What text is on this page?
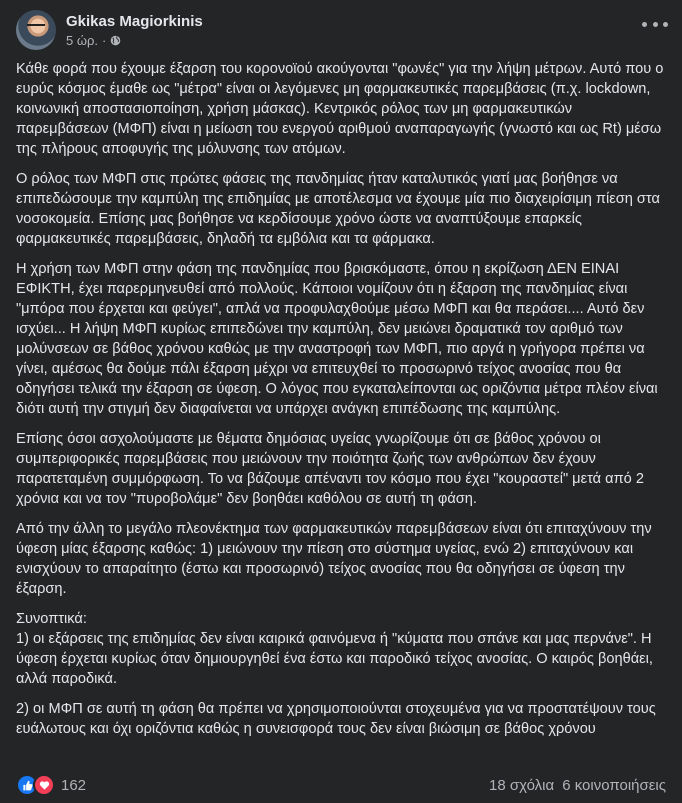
Gkikas Magiorkinis
5 ώρ. ·

Κάθε φορά που έχουμε έξαρση του κορονοϊού ακούγονται "φωνές" για την λήψη μέτρων. Αυτό που ο ευρύς κόσμος έμαθε ως "μέτρα" είναι οι λεγόμενες μη φαρμακευτικές παρεμβάσεις (π.χ. lockdown, κοινωνική αποστασιοποίηση, χρήση μάσκας). Κεντρικός ρόλος των μη φαρμακευτικών παρεμβάσεων (ΜΦΠ) είναι η μείωση του ενεργού αριθμού αναπαραγωγής (γνωστό και ως Rt) μέσω της πλήρους αποφυγής της μόλυνσης των ατόμων.

Ο ρόλος των ΜΦΠ στις πρώτες φάσεις της πανδημίας ήταν καταλυτικός γιατί μας βοήθησε να επιπεδώσουμε την καμπύλη της επιδημίας με αποτέλεσμα να έχουμε μία πιο διαχειρίσιμη πίεση στα νοσοκομεία. Επίσης μας βοήθησε να κερδίσουμε χρόνο ώστε να αναπτύξουμε επαρκείς φαρμακευτικές παρεμβάσεις, δηλαδή τα εμβόλια και τα φάρμακα.

Η χρήση των ΜΦΠ στην φάση της πανδημίας που βρισκόμαστε, όπου η εκρίζωση ΔΕΝ ΕΙΝΑΙ ΕΦΙΚΤΗ, έχει παρερμηνευθεί από πολλούς. Κάποιοι νομίζουν ότι η έξαρση της πανδημίας είναι "μπόρα που έρχεται και φεύγει", απλά να προφυλαχθούμε μέσω ΜΦΠ και θα περάσει.... Αυτό δεν ισχύει... Η λήψη ΜΦΠ κυρίως επιπεδώνει την καμπύλη, δεν μειώνει δραματικά τον αριθμό των μολύνσεων σε βάθος χρόνου καθώς με την αναστροφή των ΜΦΠ, πιο αργά η γρήγορα πρέπει να γίνει, αμέσως θα δούμε πάλι έξαρση μέχρι να επιτευχθεί το προσωρινό τείχος ανοσίας που θα οδηγήσει τελικά την έξαρση σε ύφεση. Ο λόγος που εγκαταλείπονται ως οριζόντια μέτρα πλέον είναι διότι αυτή την στιγμή δεν διαφαίνεται να υπάρχει ανάγκη επιπέδωσης της καμπύλης.

Επίσης όσοι ασχολούμαστε με θέματα δημόσιας υγείας γνωρίζουμε ότι σε βάθος χρόνου οι συμπεριφορικές παρεμβάσεις που μειώνουν την ποιότητα ζωής των ανθρώπων δεν έχουν παρατεταμένη συμμόρφωση. Το να βάζουμε απέναντι τον κόσμο που έχει "κουραστεί" μετά από 2 χρόνια και να τον "πυροβολάμε" δεν βοηθάει καθόλου σε αυτή τη φάση.

Από την άλλη το μεγάλο πλεονέκτημα των φαρμακευτικών παρεμβάσεων είναι ότι επιταχύνουν την ύφεση μίας έξαρσης καθώς: 1) μειώνουν την πίεση στο σύστημα υγείας, ενώ 2) επιταχύνουν και ενισχύουν το απαραίτητο (έστω και προσωρινό) τείχος ανοσίας που θα οδηγήσει σε ύφεση την έξαρση.

Συνοπτικά:
1) οι εξάρσεις της επιδημίας δεν είναι καιρικά φαινόμενα ή "κύματα που σπάνε και μας περνάνε". Η ύφεση έρχεται κυρίως όταν δημιουργηθεί ένα έστω και παροδικό τείχος ανοσίας. Ο καιρός βοηθάει, αλλά παροδικά.

2) οι ΜΦΠ σε αυτή τη φάση θα πρέπει να χρησιμοποιούνται στοχευμένα για να προστατέψουν τους ευάλωτους και όχι οριζόντια καθώς η συνεισφορά τους δεν είναι βιώσιμη σε βάθος χρόνου

162	18 σχόλια 6 κοινοποιήσεις
